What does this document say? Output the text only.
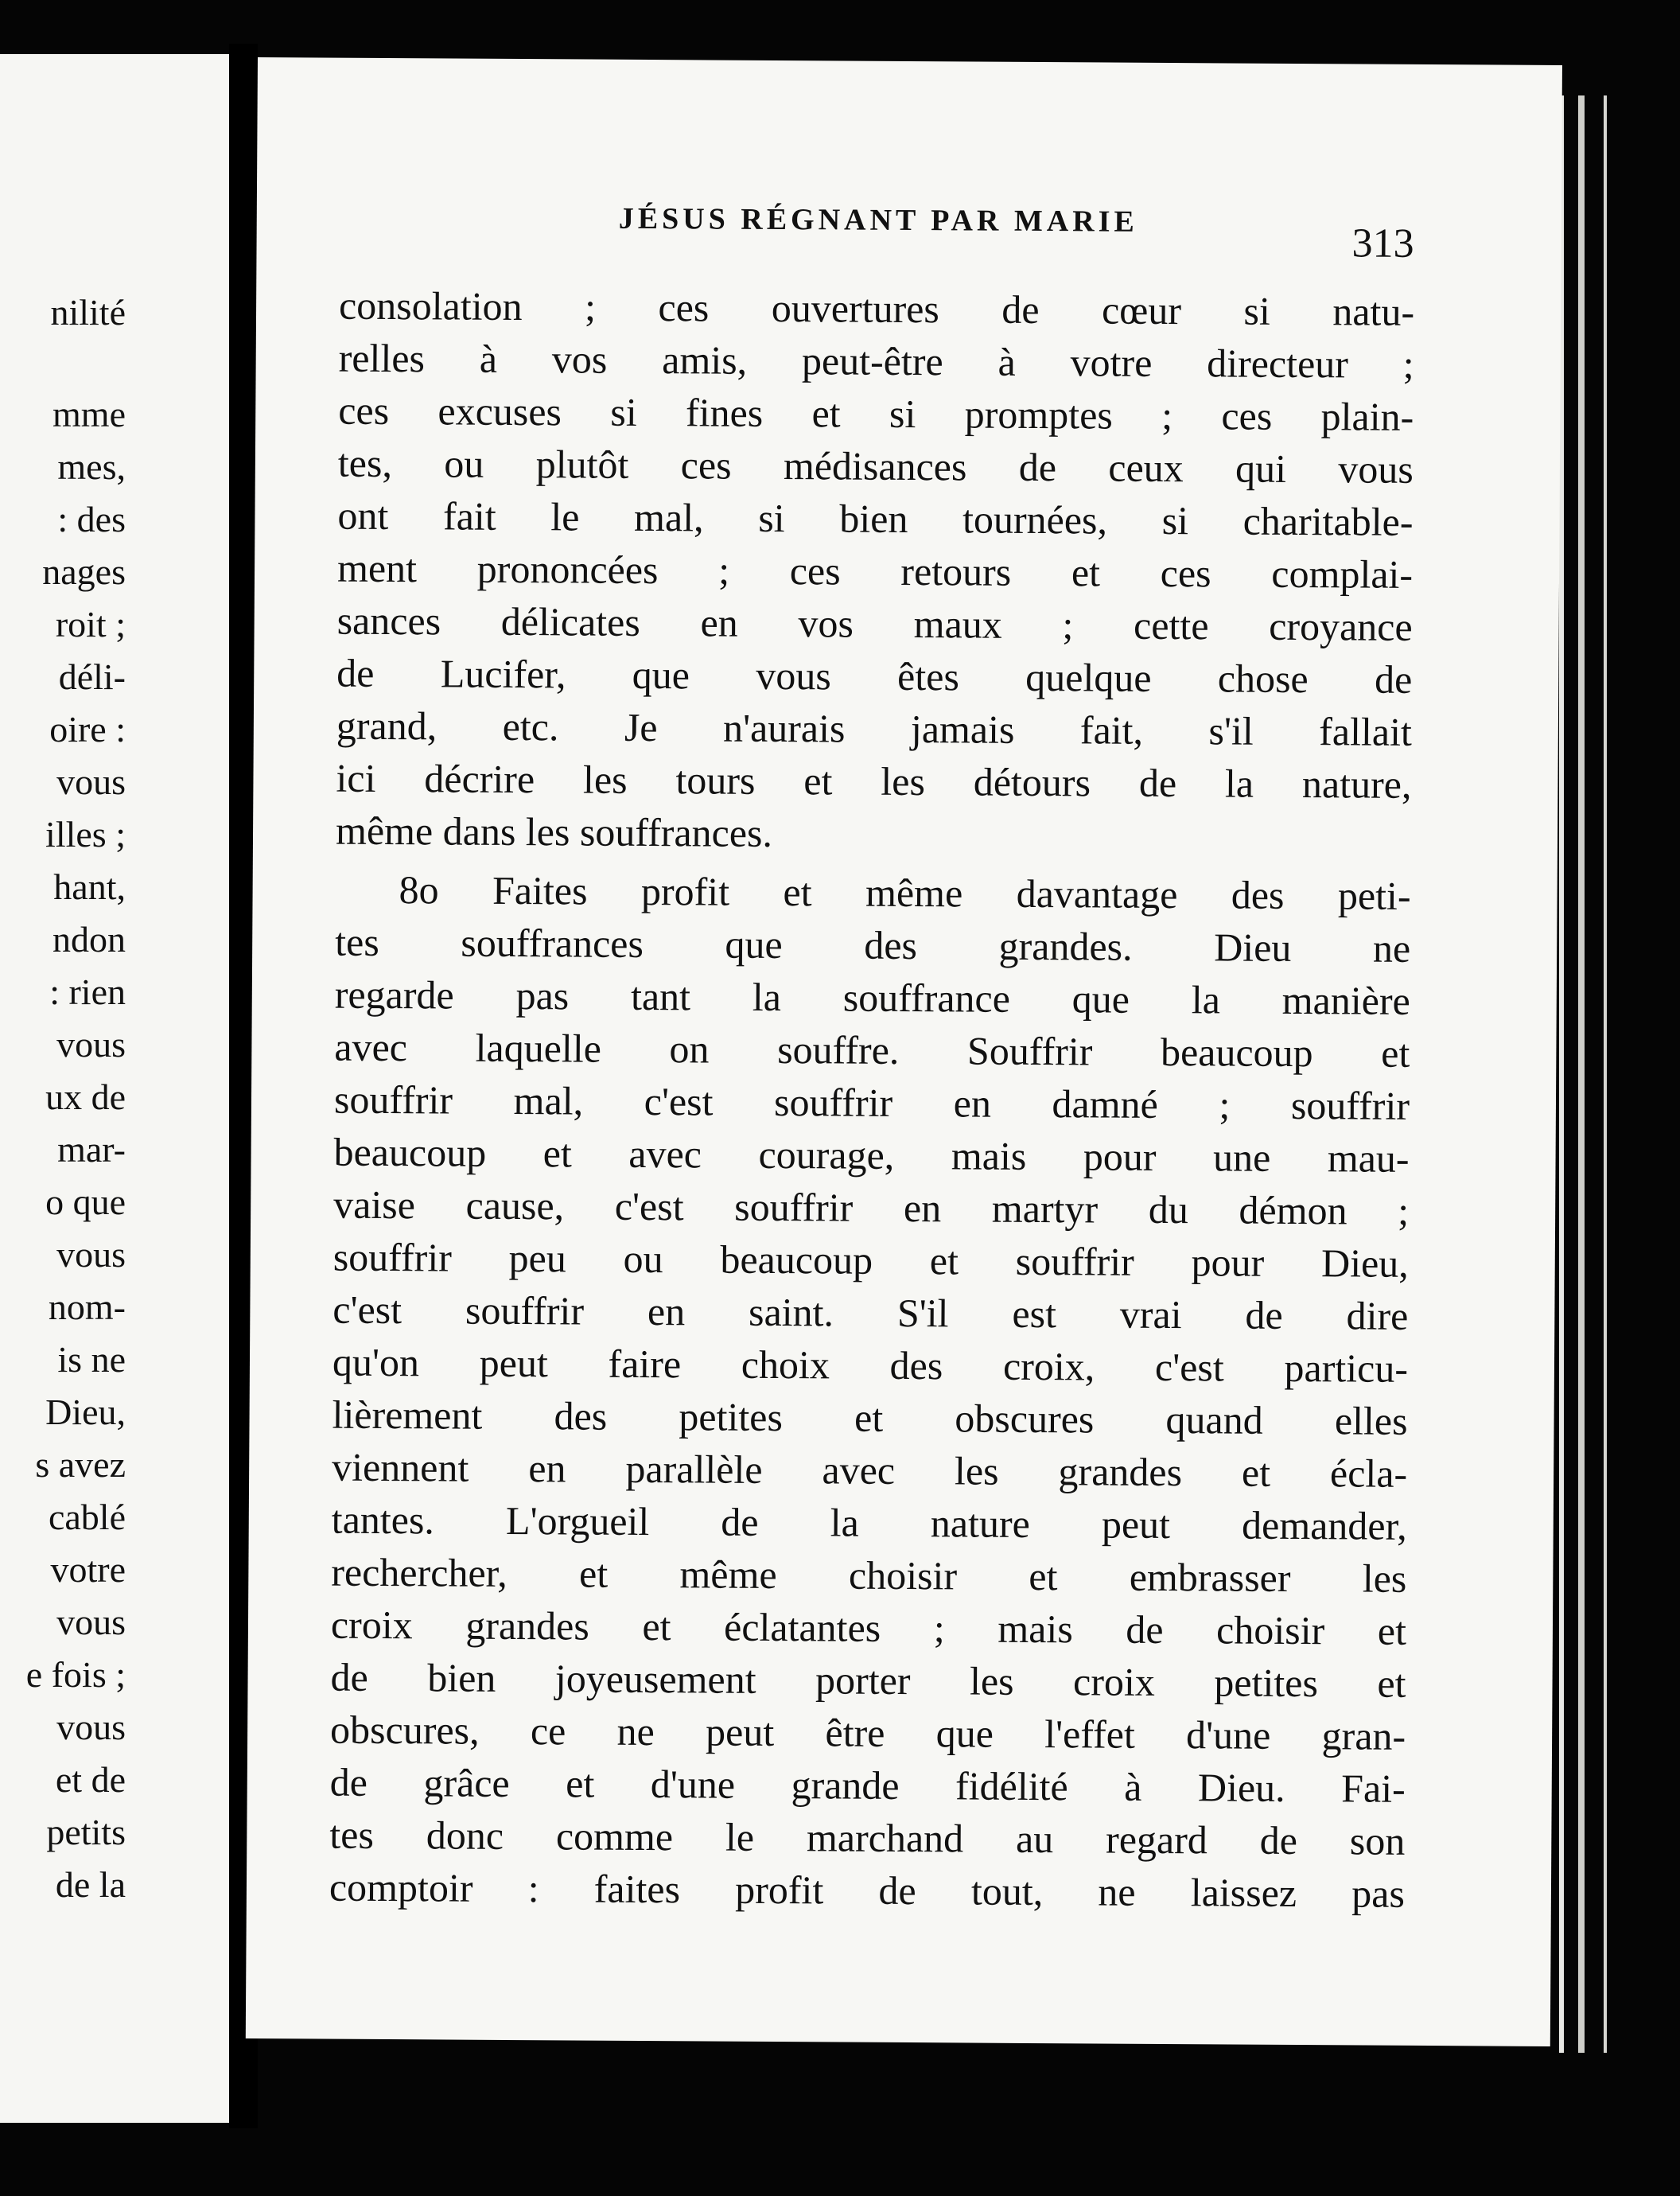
nilité
mme
mes,
: des
nages
roit ;
déli-
oire :
vous
illes ;
hant,
ndon
: rien
vous
ux de
mar-
o que
vous
nom-
is ne
Dieu,
s avez
cablé
votre
vous
e fois ;
vous
et de
petits
de la
JÉSUS RÉGNANT PAR MARIE
313
consolation ; ces ouvertures de cœur si natu-
relles à vos amis, peut-être à votre directeur ;
ces excuses si fines et si promptes ; ces plain-
tes, ou plutôt ces médisances de ceux qui vous
ont fait le mal, si bien tournées, si charitable-
ment prononcées ; ces retours et ces complai-
sances délicates en vos maux ; cette croyance
de Lucifer, que vous êtes quelque chose de
grand, etc. Je n'aurais jamais fait, s'il fallait
ici décrire les tours et les détours de la nature,
même dans les souffrances.
8o Faites profit et même davantage des peti-
tes souffrances que des grandes. Dieu ne
regarde pas tant la souffrance que la manière
avec laquelle on souffre. Souffrir beaucoup et
souffrir mal, c'est souffrir en damné ; souffrir
beaucoup et avec courage, mais pour une mau-
vaise cause, c'est souffrir en martyr du démon ;
souffrir peu ou beaucoup et souffrir pour Dieu,
c'est souffrir en saint. S'il est vrai de dire
qu'on peut faire choix des croix, c'est particu-
lièrement des petites et obscures quand elles
viennent en parallèle avec les grandes et écla-
tantes. L'orgueil de la nature peut demander,
rechercher, et même choisir et embrasser les
croix grandes et éclatantes ; mais de choisir et
de bien joyeusement porter les croix petites et
obscures, ce ne peut être que l'effet d'une gran-
de grâce et d'une grande fidélité à Dieu. Fai-
tes donc comme le marchand au regard de son
comptoir : faites profit de tout, ne laissez pas
